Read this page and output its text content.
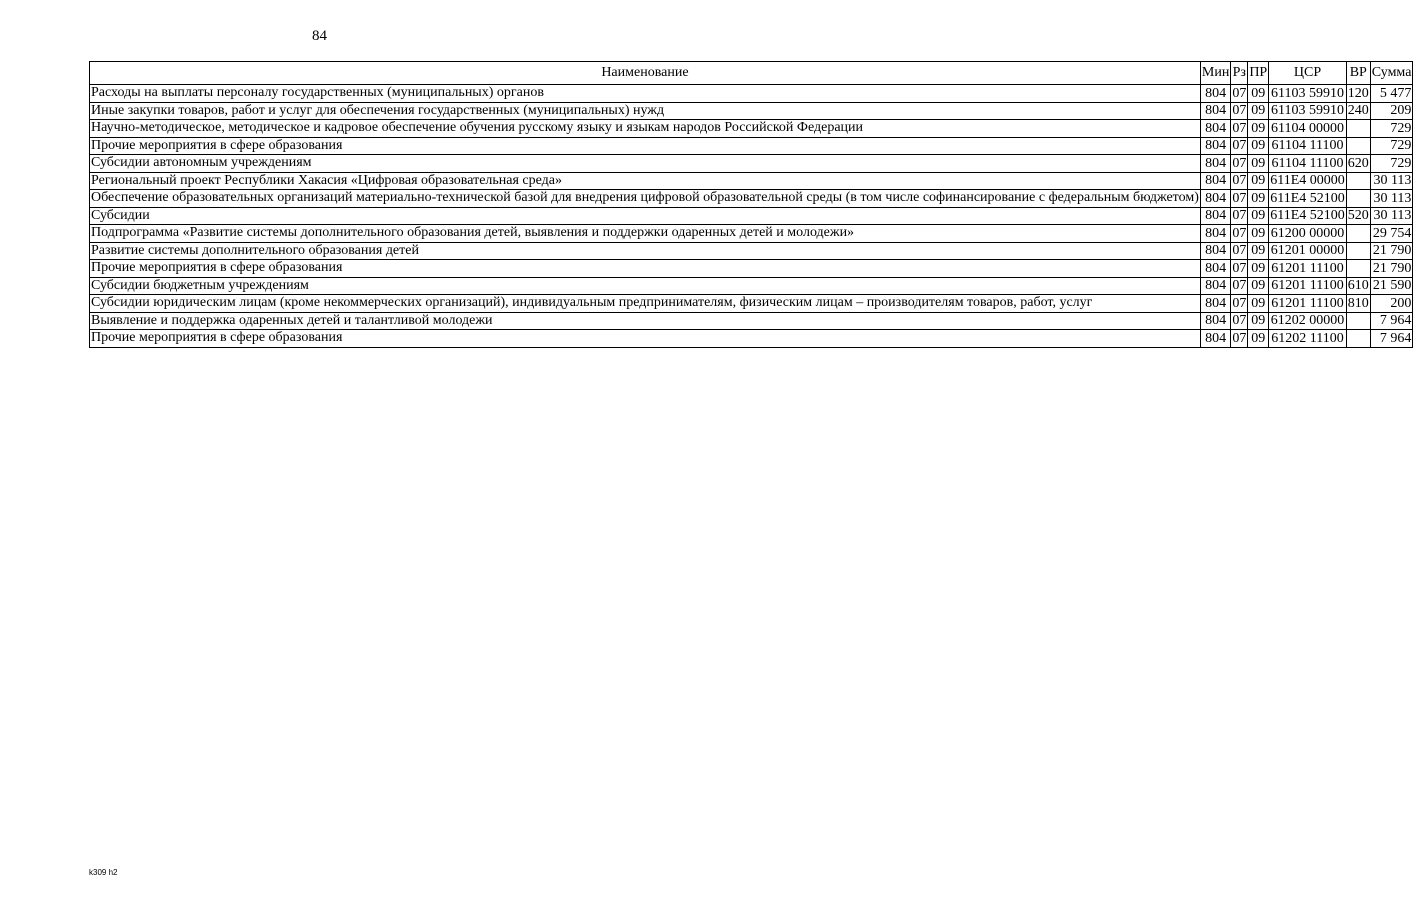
84
Наименование	Мин	Рз	ПР	ЦСР	ВР	Сумма
Расходы на выплаты персоналу государственных (муниципальных) органов	804	07	09	61103 59910	120	5 477
Иные закупки товаров, работ и услуг для обеспечения государственных (муниципальных) нужд	804	07	09	61103 59910	240	209
Научно-методическое, методическое и кадровое обеспечение обучения русскому языку и языкам народов Российской Федерации	804	07	09	61104 00000		729
Прочие мероприятия в сфере образования	804	07	09	61104 11100		729
Субсидии автономным учреждениям	804	07	09	61104 11100	620	729
Региональный проект Республики Хакасия «Цифровая образовательная среда»	804	07	09	611Е4 00000		30 113
Обеспечение образовательных организаций материально-технической базой для внедрения цифровой образовательной среды (в том числе софинансирование с федеральным бюджетом)	804	07	09	611Е4 52100		30 113
Субсидии	804	07	09	611Е4 52100	520	30 113
Подпрограмма «Развитие системы дополнительного образования детей, выявления и поддержки одаренных детей и молодежи»	804	07	09	61200 00000		29 754
Развитие системы дополнительного образования детей	804	07	09	61201 00000		21 790
Прочие мероприятия в сфере образования	804	07	09	61201 11100		21 790
Субсидии бюджетным учреждениям	804	07	09	61201 11100	610	21 590
Субсидии юридическим лицам (кроме некоммерческих организаций), индивидуальным предпринимателям, физическим лицам – производителям товаров, работ, услуг	804	07	09	61201 11100	810	200
Выявление и поддержка одаренных детей и талантливой молодежи	804	07	09	61202 00000		7 964
Прочие мероприятия в сфере образования	804	07	09	61202 11100		7 964
k309 h2
